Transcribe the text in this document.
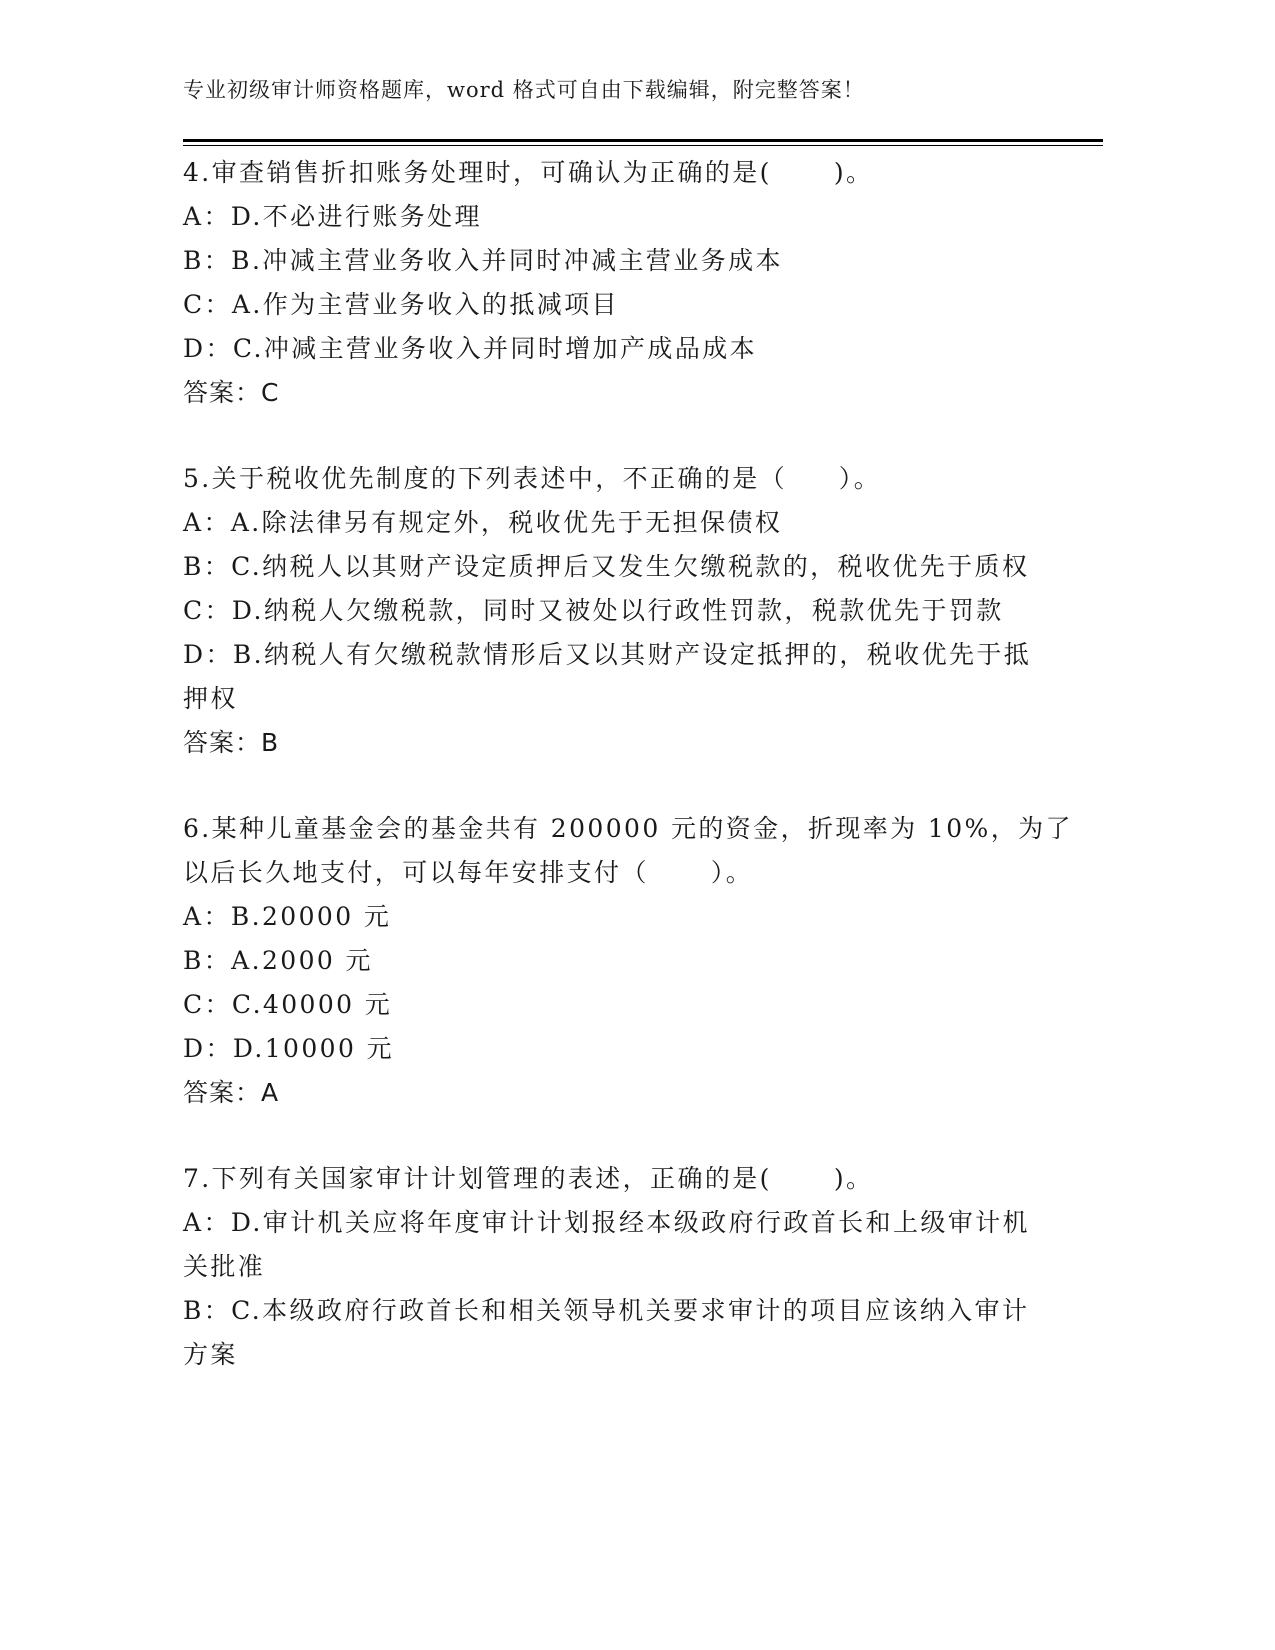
专业初级审计师资格题库，word 格式可自由下载编辑，附完整答案！
4.审查销售折扣账务处理时，可确认为正确的是(      )。
A：D.不必进行账务处理
B：B.冲减主营业务收入并同时冲减主营业务成本
C：A.作为主营业务收入的抵减项目
D：C.冲减主营业务收入并同时增加产成品成本
答案：C
5.关于税收优先制度的下列表述中，不正确的是（     ）。
A：A.除法律另有规定外，税收优先于无担保债权
B：C.纳税人以其财产设定质押后又发生欠缴税款的，税收优先于质权
C：D.纳税人欠缴税款，同时又被处以行政性罚款，税款优先于罚款
D：B.纳税人有欠缴税款情形后又以其财产设定抵押的，税收优先于抵
押权
答案：B
6.某种儿童基金会的基金共有 200000 元的资金，折现率为 10%，为了
以后长久地支付，可以每年安排支付（      ）。
A：B.20000 元
B：A.2000 元
C：C.40000 元
D：D.10000 元
答案：A
7.下列有关国家审计计划管理的表述，正确的是(      )。
A：D.审计机关应将年度审计计划报经本级政府行政首长和上级审计机
关批准
B：C.本级政府行政首长和相关领导机关要求审计的项目应该纳入审计
方案
